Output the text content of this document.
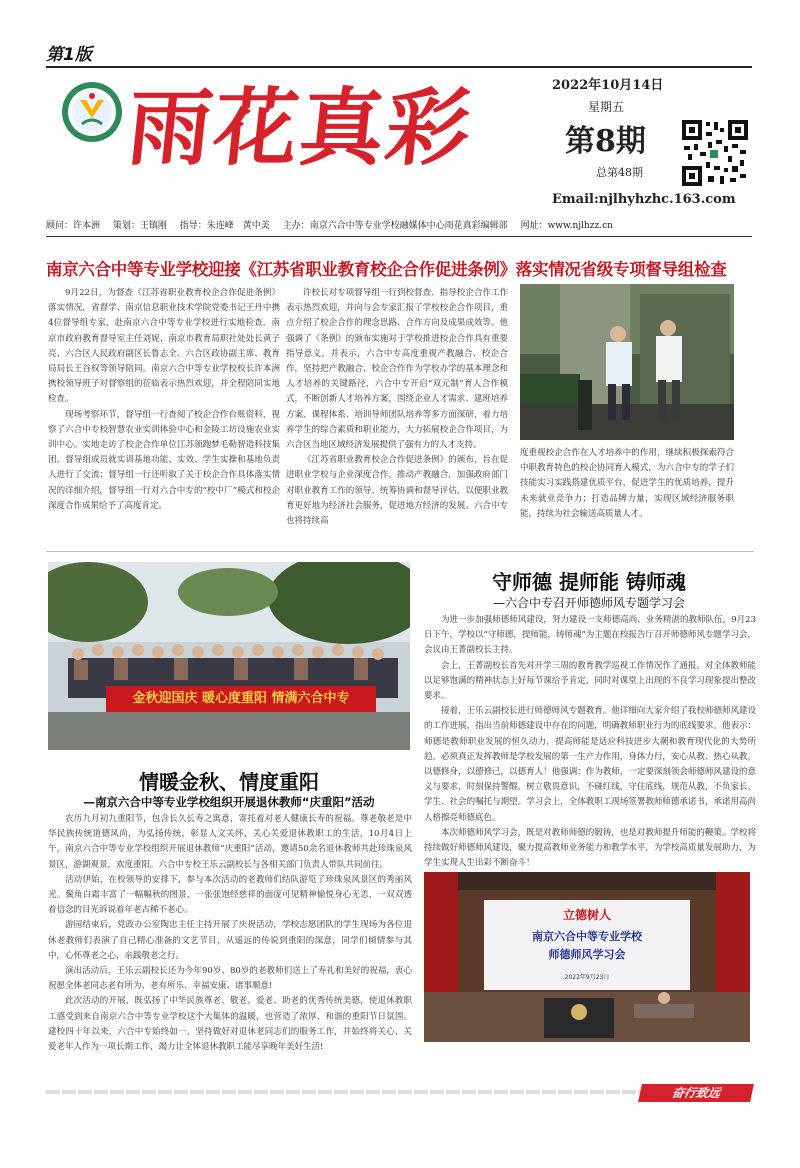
第1版
雨花真彩	2022年10月14日
星期五
第8期
总第48期
Email:njlhyhzhc.163.com
顾问：许本洲 策划：王镇刚 指导：朱连峰　黄中美 主办：南京六合中等专业学校融媒体中心雨花真彩编辑部 网址：www.njlhzz.cn
南京六合中等专业学校迎接《江苏省职业教育校企合作促进条例》落实情况省级专项督导组检查

9月22日，为督查《江苏省职业教育校企合作促进条例》落实情况，省督学、南京信息职业技术学院党委书记王丹中携4位督导组专家，赴南京六合中等专业学校进行实地检查，南京市政府教育督导室主任刘妮、南京市教育局职社处处长黄子亮、六合区人民政府副区长鲁志全、六合区政协副主席、教育局局长王谷权等领导陪同。南京六合中等专业学校校长许本洲携校领导班子对督察组的莅临表示热烈欢迎，并全程陪同实地检查。

现场考察环节，督导组一行查阅了校企合作台账资料，视察了六合中专校智慧农业实训体验中心和金陵工坊设施农业实训中心。实地走访了校企合作单位江苏领跑梦毛勒智造科技集团。督导组成员就实训基地功能、实效、学生实操和基地负责人进行了交流；督导组一行还听取了关于校企合作具体落实情况的详细介绍，督导组一行对六合中专的“校中厂”模式和校企深度合作成果给予了高度肯定。

许校长对专项督导组一行到校督查、指导校企合作工作表示热烈欢迎，并向与会专家汇报了学校校企合作项目，重点介绍了校企合作的理念思路、合作方向及成果成效等。他强调了《条例》的颁布实施对于学校推进校企合作具有重要指导意义，并表示，六合中专高度重视产教融合、校企合作，坚持把产教融合、校企合作作为学校办学的基本理念和人才培养的关键路径，六合中专开启“双元制”育人合作模式，不断创新人才培养方案，围绕企业人才需求、建班培养方案、课程体系、培训导师团队培养等多方面深研，着力培养学生的综合素质和职业能力，大力拓展校企合作项目，为六合区当地区域经济发展提供了强有力的人才支持。

《江苏省职业教育校企合作促进条例》的颁布，旨在促进职业学校与企业深度合作，推动产教融合，加强政府部门对职业教育工作的领导、统筹协调和督导评估，以便职业教育更好地为经济社会服务，促进地方经济的发展。六合中专也将持续高

度重视校企合作在人才培养中的作用，继续积极探索符合中职教育特色的校企协同育人模式，为六合中专的学子们技能实习实践搭建优质平台，促进学生的优质培养，提升未来就业竞争力；打造品牌力量，实现区域经济服务职能，持续为社会输送高质量人才。

金秋迎国庆 暖心度重阳 情满六合中专
情暖金秋、情度重阳
—南京六合中等专业学校组织开展退休教师“庆重阳”活动

农历九月初九重阳节，包含长久长寿之寓意，寄托着对老人健康长寿的祝福。尊老敬老是中华民族传统道德风尚，为弘扬传统，彰显人文关怀，关心关爱退休教职工的生活，10月4日上午，南京六合中等专业学校组织开展退休教师“庆重阳”活动，邀请50余名退休教师共赴珍珠泉风景区，游湖观景，欢度重阳。六合中专校王乐云副校长与各相关部门负责人带队共同前往。

活动伊始，在校领导的安排下，参与本次活动的老教师们结队游览了珍珠泉风景区的秀丽风光。鬓角白霜丰富了一幅幅秋的图景，一张张饱经慈祥的面庞可见精神愉悦身心无恙，一双双透着信念的目光诉说着年老古稀不老心。

游园结束后，党政办公室陶忠主任主持开展了庆祝活动，学校志愿团队的学生现场为各位退休老教师们表演了自己精心准备的文艺节目，从遥远的传说到重阳的深意，同学们倾情参与其中，心怀尊老之心，亲践敬老之行。

演出活动后，王乐云副校长还为今年90岁、80岁的老教师们送上了寿礼和美好的祝福，衷心祝愿全体老同志老有所为、老有所乐、幸福安康、诸事顺意!

此次活动的开展，既弘扬了中华民族尊老、敬老、爱老、助老的优秀传统美德，使退休教职工感受到来自南京六合中等专业学校这个大集体的温暖，也营造了浓厚、和谐的重阳节日氛围。建校四十年以来，六合中专始终如一，坚持做好对退休老同志们的服务工作，并始终将关心、关爱老年人作为一项长期工作，竭力让全体退休教职工能尽享晚年美好生活!

守师德 提师能 铸师魂
—六合中专召开师德师风专题学习会

为进一步加强师德师风建设，努力建设一支师德高尚、业务精湛的教师队伍，9月23日下午，学校以“守师德，提师能，铸师魂”为主题在校报告厅召开师德师风专题学习会，会议由王菁副校长主持。

会上，王菁副校长首先对开学三周的教育教学巡视工作情况作了通报。对全体教师能以足够饱满的精神状态上好每节课给予肯定，同时对课堂上出现的不良学习现象提出整改要求。

接着，王乐云副校长进行师德师风专题教育。他详细向大家介绍了我校师德师风建设的工作进展，指出当前师德建设中存在的问题，明确教师职业行为的底线要求。他表示：师德是教师职业发展的恒久动力，提高师能是适应科技进步大潮和教育现代化的大势所趋。必须真正发挥教师是学校发展的第一生产力作用，身体力行，安心从教、热心从教，以德修身，以德修己，以德育人！他强调：作为教师，一定要深刻领会师德师风建设的意义与要求，时刻保持警醒，树立敬畏意识，不碰红线，守住底线，规范从教，不负家长、学生、社会的嘱托与期望。学习会上，全体教职工现场签署教师师德承诺书，承诺用高尚人格擦亮师德底色。

本次师德师风学习会，既是对教师师德的锻铸，也是对教师提升师能的鞭策。学校将持续做好师德师风建设，聚力提高教师业务能力和教学水平，为学校高质量发展助力，为学生实现人生出彩不断奋斗！

立德树人
南京六合中等专业学校
师德师风学习会
2022年9月23日
奋行致远
